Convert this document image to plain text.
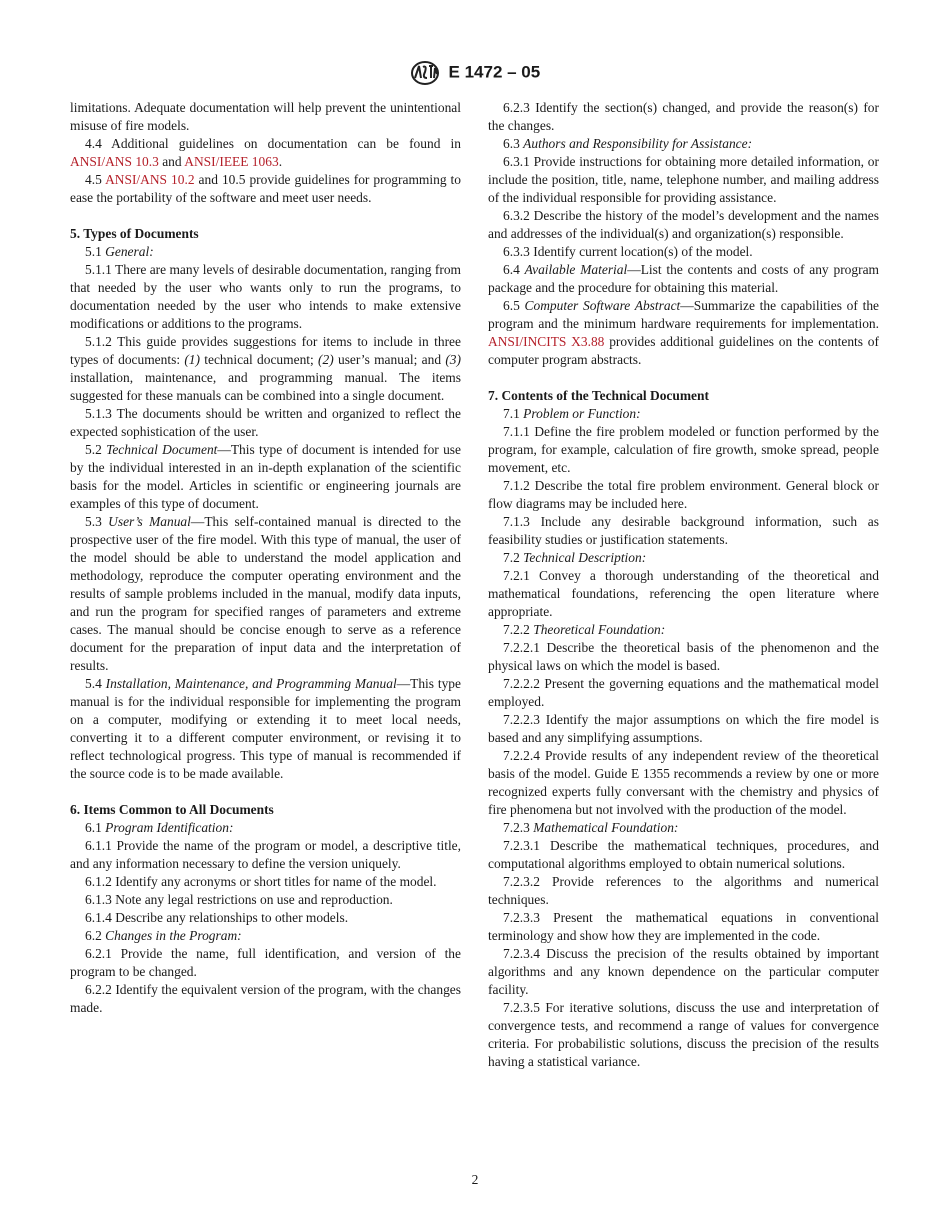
E 1472 – 05

limitations. Adequate documentation will help prevent the unintentional misuse of fire models.

4.4 Additional guidelines on documentation can be found in ANSI/ANS 10.3 and ANSI/IEEE 1063.

4.5 ANSI/ANS 10.2 and 10.5 provide guidelines for programming to ease the portability of the software and meet user needs.

5. Types of Documents

5.1 General:

5.1.1 There are many levels of desirable documentation, ranging from that needed by the user who wants only to run the programs, to documentation needed by the user who intends to make extensive modifications or additions to the programs.

5.1.2 This guide provides suggestions for items to include in three types of documents: (1) technical document; (2) user’s manual; and (3) installation, maintenance, and programming manual. The items suggested for these manuals can be combined into a single document.

5.1.3 The documents should be written and organized to reflect the expected sophistication of the user.

5.2 Technical Document—This type of document is intended for use by the individual interested in an in-depth explanation of the scientific basis for the model. Articles in scientific or engineering journals are examples of this type of document.

5.3 User’s Manual—This self-contained manual is directed to the prospective user of the fire model. With this type of manual, the user of the model should be able to understand the model application and methodology, reproduce the computer operating environment and the results of sample problems included in the manual, modify data inputs, and run the program for specified ranges of parameters and extreme cases. The manual should be concise enough to serve as a reference document for the preparation of input data and the interpretation of results.

5.4 Installation, Maintenance, and Programming Manual—This type manual is for the individual responsible for implementing the program on a computer, modifying or extending it to meet local needs, converting it to a different computer environment, or revising it to reflect technological progress. This type of manual is recommended if the source code is to be made available.

6. Items Common to All Documents

6.1 Program Identification:

6.1.1 Provide the name of the program or model, a descriptive title, and any information necessary to define the version uniquely.

6.1.2 Identify any acronyms or short titles for name of the model.

6.1.3 Note any legal restrictions on use and reproduction.

6.1.4 Describe any relationships to other models.

6.2 Changes in the Program:

6.2.1 Provide the name, full identification, and version of the program to be changed.

6.2.2 Identify the equivalent version of the program, with the changes made.

6.2.3 Identify the section(s) changed, and provide the reason(s) for the changes.

6.3 Authors and Responsibility for Assistance:

6.3.1 Provide instructions for obtaining more detailed information, or include the position, title, name, telephone number, and mailing address of the individual responsible for providing assistance.

6.3.2 Describe the history of the model’s development and the names and addresses of the individual(s) and organization(s) responsible.

6.3.3 Identify current location(s) of the model.

6.4 Available Material—List the contents and costs of any program package and the procedure for obtaining this material.

6.5 Computer Software Abstract—Summarize the capabilities of the program and the minimum hardware requirements for implementation. ANSI/INCITS X3.88 provides additional guidelines on the contents of computer program abstracts.

7. Contents of the Technical Document

7.1 Problem or Function:

7.1.1 Define the fire problem modeled or function performed by the program, for example, calculation of fire growth, smoke spread, people movement, etc.

7.1.2 Describe the total fire problem environment. General block or flow diagrams may be included here.

7.1.3 Include any desirable background information, such as feasibility studies or justification statements.

7.2 Technical Description:

7.2.1 Convey a thorough understanding of the theoretical and mathematical foundations, referencing the open literature where appropriate.

7.2.2 Theoretical Foundation:

7.2.2.1 Describe the theoretical basis of the phenomenon and the physical laws on which the model is based.

7.2.2.2 Present the governing equations and the mathematical model employed.

7.2.2.3 Identify the major assumptions on which the fire model is based and any simplifying assumptions.

7.2.2.4 Provide results of any independent review of the theoretical basis of the model. Guide E 1355 recommends a review by one or more recognized experts fully conversant with the chemistry and physics of fire phenomena but not involved with the production of the model.

7.2.3 Mathematical Foundation:

7.2.3.1 Describe the mathematical techniques, procedures, and computational algorithms employed to obtain numerical solutions.

7.2.3.2 Provide references to the algorithms and numerical techniques.

7.2.3.3 Present the mathematical equations in conventional terminology and show how they are implemented in the code.

7.2.3.4 Discuss the precision of the results obtained by important algorithms and any known dependence on the particular computer facility.

7.2.3.5 For iterative solutions, discuss the use and interpretation of convergence tests, and recommend a range of values for convergence criteria. For probabilistic solutions, discuss the precision of the results having a statistical variance.

2
